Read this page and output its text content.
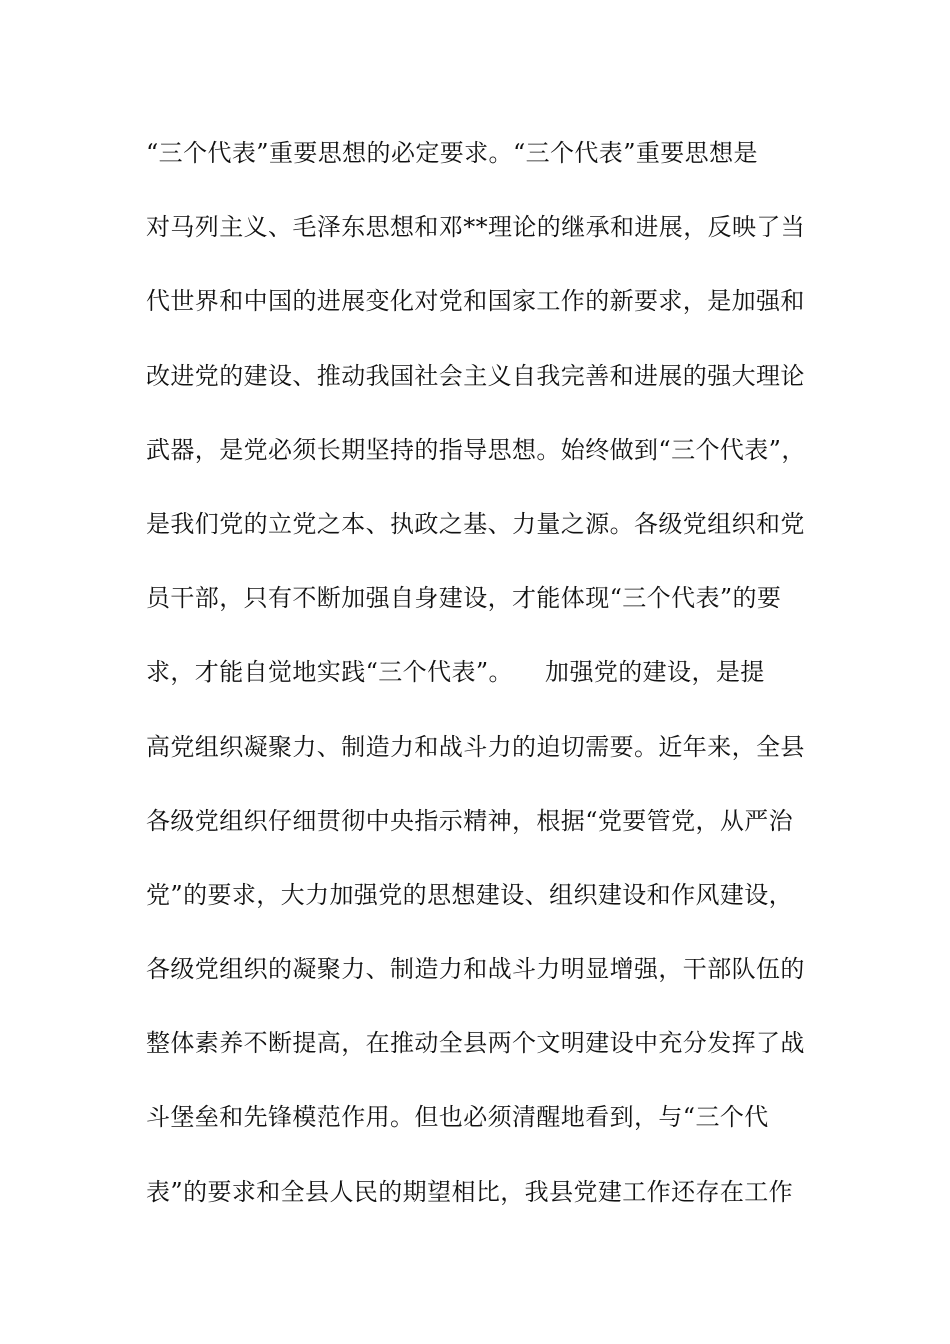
“三个代表”重要思想的必定要求。“三个代表”重要思想是
对马列主义、毛泽东思想和邓**理论的继承和进展，反映了当
代世界和中国的进展变化对党和国家工作的新要求，是加强和
改进党的建设、推动我国社会主义自我完善和进展的强大理论
武器，是党必须长期坚持的指导思想。始终做到“三个代表”，
是我们党的立党之本、执政之基、力量之源。各级党组织和党
员干部，只有不断加强自身建设，才能体现“三个代表”的要
求，才能自觉地实践“三个代表”。    加强党的建设，是提
高党组织凝聚力、制造力和战斗力的迫切需要。近年来，全县
各级党组织仔细贯彻中央指示精神，根据“党要管党，从严治
党”的要求，大力加强党的思想建设、组织建设和作风建设，
各级党组织的凝聚力、制造力和战斗力明显增强，干部队伍的
整体素养不断提高，在推动全县两个文明建设中充分发挥了战
斗堡垒和先锋模范作用。但也必须清醒地看到，与“三个代
表”的要求和全县人民的期望相比，我县党建工作还存在工作
